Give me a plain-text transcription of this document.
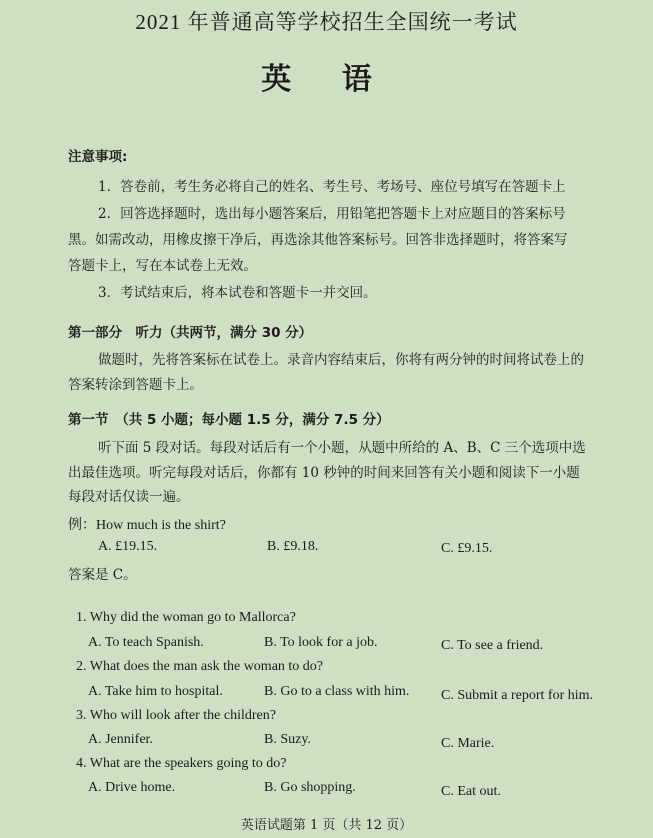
2021 年普通高等学校招生全国统一考试
英 语
注意事项:
1．答卷前，考生务必将自己的姓名、考生号、考场号、座位号填写在答题卡上
2．回答选择题时，选出每小题答案后，用铅笔把答题卡上对应题目的答案标号
黑。如需改动，用橡皮擦干净后，再选涂其他答案标号。回答非选择题时，将答案写
答题卡上，写在本试卷上无效。
3．考试结束后，将本试卷和答题卡一并交回。
第一部分　听力（共两节，满分 30 分）
做题时，先将答案标在试卷上。录音内容结束后，你将有两分钟的时间将试卷上的
答案转涂到答题卡上。
第一节　（共 5 小题；每小题 1.5 分，满分 7.5 分）
听下面 5 段对话。每段对话后有一个小题，从题中所给的 A、B、C 三个选项中选
出最佳选项。听完每段对话后，你都有 10 秒钟的时间来回答有关小题和阅读下一小题
每段对话仅读一遍。
例：How much is the shirt?
A. £19.15.	B. £9.18.	C. £9.15.
答案是 C。
1. Why did the woman go to Mallorca?
A. To teach Spanish.	B. To look for a job.	C. To see a friend.
2. What does the man ask the woman to do?
A. Take him to hospital.	B. Go to a class with him. C. Submit a report for him.
3. Who will look after the children?
A. Jennifer.	B. Suzy.	C. Marie.
4. What are the speakers going to do?
A. Drive home.	B. Go shopping.	C. Eat out.
英语试题第 1 页（共 12 页）
